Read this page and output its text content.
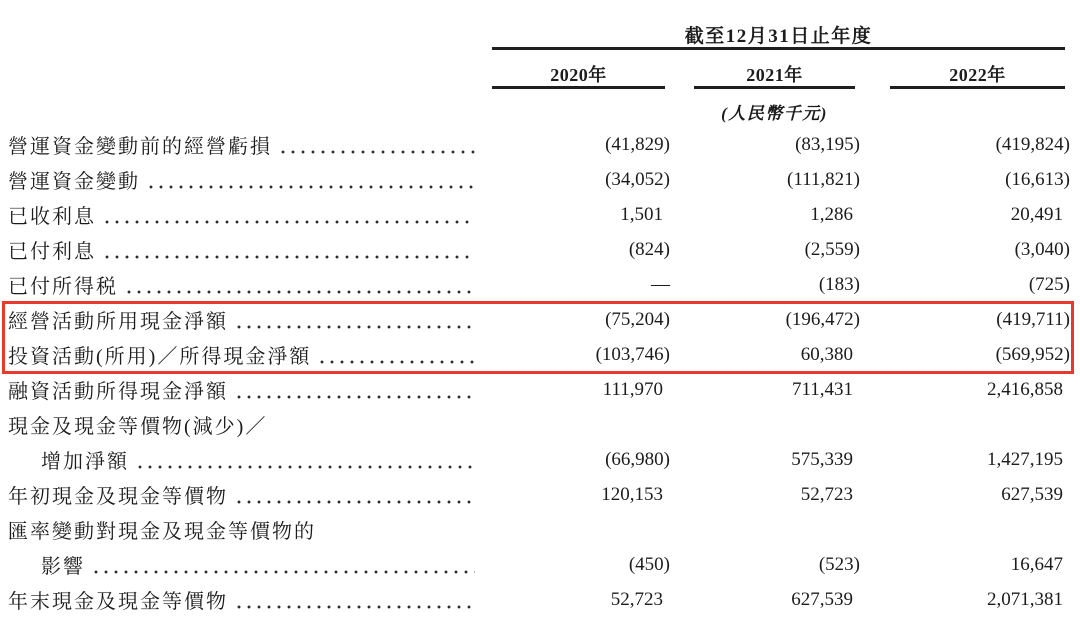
截至12月31日止年度
2020年	2021年	2022年
(人民幣千元)
營運資金變動前的經營虧損	(41,829)	(83,195)	(419,824)
營運資金變動	(34,052)	(111,821)	(16,613)
已收利息	1,501	1,286	20,491
已付利息	(824)	(2,559)	(3,040)
已付所得税	—	(183)	(725)
經營活動所用現金淨額	(75,204)	(196,472)	(419,711)
投資活動(所用)／所得現金淨額	(103,746)	60,380	(569,952)
融資活動所得現金淨額	111,970	711,431	2,416,858
現金及現金等價物(減少)／
增加淨額	(66,980)	575,339	1,427,195
年初現金及現金等價物	120,153	52,723	627,539
匯率變動對現金及現金等價物的
影響	(450)	(523)	16,647
年末現金及現金等價物	52,723	627,539	2,071,381
